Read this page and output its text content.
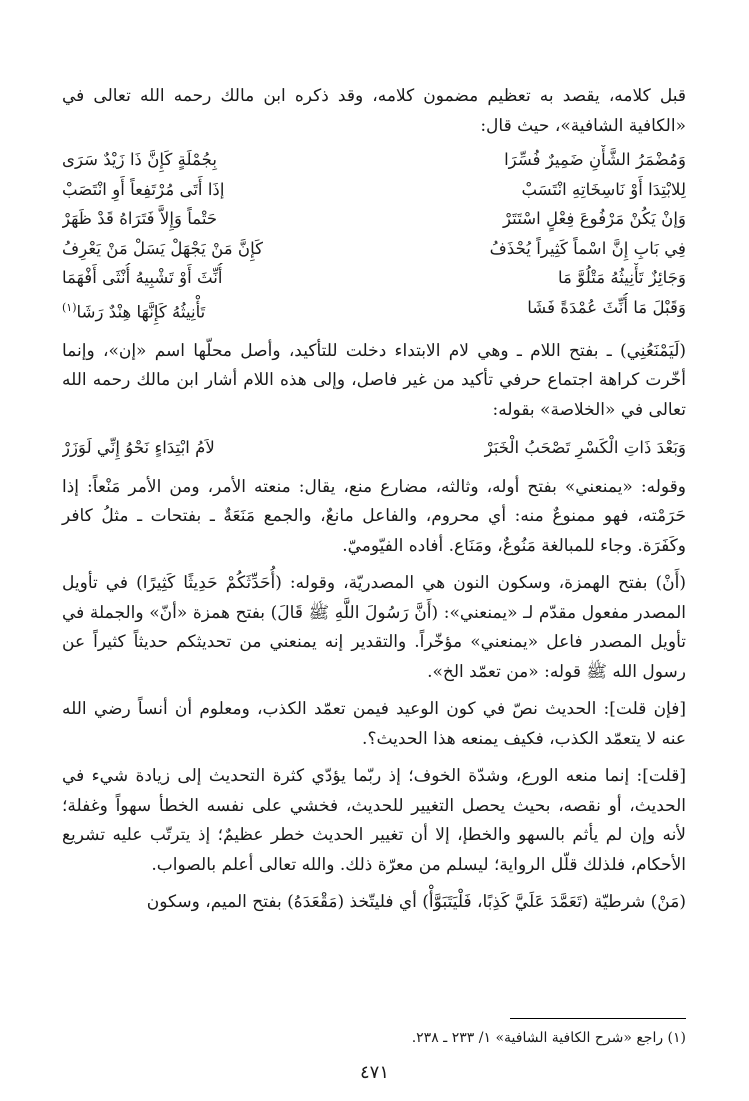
قبل كلامه، يقصد به تعظيم مضمون كلامه، وقد ذكره ابن مالك رحمه الله تعالى في «الكافية الشافية»، حيث قال:

وَمُضْمَرُ الشَّأْنِ ضَمِيرٌ فُسِّرَا
بِجُمْلَةٍ كَإِنَّ ذَا زَيْدٌ سَرَى
لِلابْتِدَا أَوْ نَاسِخَاتِهِ انْتَسَبْ
إذَا أَتَى مُرْتَفِعاً أَوِ انْتَصَبْ
وَإنْ يَكُنْ مَرْفُوعَ فِعْلٍ اسْتَتَرْ
حَتْماً وَإِلاَّ فَتَرَاهُ قَدْ ظَهَرْ
فِي بَابِ إِنَّ اسْماً كَثِيراً يُحْذَفُ
كَإِنَّ مَنْ يَجْهَلْ يَسَلْ مَنْ يَعْرِفُ
وَجَائِزٌ تَأْنِيثُهُ مَتْلُوَّ مَا
أُنِّثَ أَوْ تَشْبِيهُ أُنْثَى أَفْهَمَا
وَقَبْلَ مَا أُنِّثَ عُمْدَةً فَشَا
تَأْنِيثُهُ كَإِنَّهَا هِنْدٌ رَشَا$^{(١)}$

(لَيَمْنَعُنِي) ـ بفتح اللام ـ وهي لام الابتداء دخلت للتأكيد، وأصل محلّها اسم «إن»، وإنما أخّرت كراهة اجتماع حرفي تأكيد من غير فاصل، وإلى هذه اللام أشار ابن مالك رحمه الله تعالى في «الخلاصة» بقوله:

وَبَعْدَ ذَاتِ الْكَسْرِ تَصْحَبُ الْخَبَرْ
لاَمُ ابْتِدَاءٍ نَحْوُ إِنِّي لَوَزَرْ

وقوله: «يمنعني» بفتح أوله، وثالثه، مضارع منع، يقال: منعته الأمر، ومن الأمر مَنْعاً: إذا حَرَمْته، فهو ممنوعٌ منه: أي محروم، والفاعل مانعٌ، والجمع مَنَعَةٌ ـ بفتحات ـ مثلُ كافر وكَفَرَة. وجاء للمبالغة مَنُوعٌ، ومَنَاع. أفاده الفيّوميّ.

(أَنْ) بفتح الهمزة، وسكون النون هي المصدريّة، وقوله: (أُحَدِّثَكُمْ حَدِيثًا كَثِيرًا) في تأويل المصدر مفعول مقدّم لـ «يمنعني»: (أَنَّ رَسُولَ اللَّهِ ﷺ قَالَ) بفتح همزة «أنّ» والجملة في تأويل المصدر فاعل «يمنعني» مؤخّراً. والتقدير إنه يمنعني من تحديثكم حديثاً كثيراً عن رسول الله ﷺ قوله: «من تعمّد الخ».

[فإن قلت]: الحديث نصّ في كون الوعيد فيمن تعمّد الكذب، ومعلوم أن أنساً رضي الله عنه لا يتعمّد الكذب، فكيف يمنعه هذا الحديث؟.

[قلت]: إنما منعه الورع، وشدّة الخوف؛ إذ ربّما يؤدّي كثرة التحديث إلى زيادة شيء في الحديث، أو نقصه، بحيث يحصل التغيير للحديث، فخشي على نفسه الخطأ سهواً وغفلة؛ لأنه وإن لم يأثم بالسهو والخطإ، إلا أن تغيير الحديث خطر عظيمٌ؛ إذ يترتّب عليه تشريع الأحكام، فلذلك قلّل الرواية؛ ليسلم من معرّة ذلك. والله تعالى أعلم بالصواب.

(مَنْ) شرطيّة (تَعَمَّدَ عَلَيَّ كَذِبًا، فَلْيَتَبَوَّأْ) أي فليتّخذ (مَقْعَدَهُ) بفتح الميم، وسكون

(١) راجع «شرح الكافية الشافية» ١/ ٢٣٣ ـ ٢٣٨.
٤٧١
